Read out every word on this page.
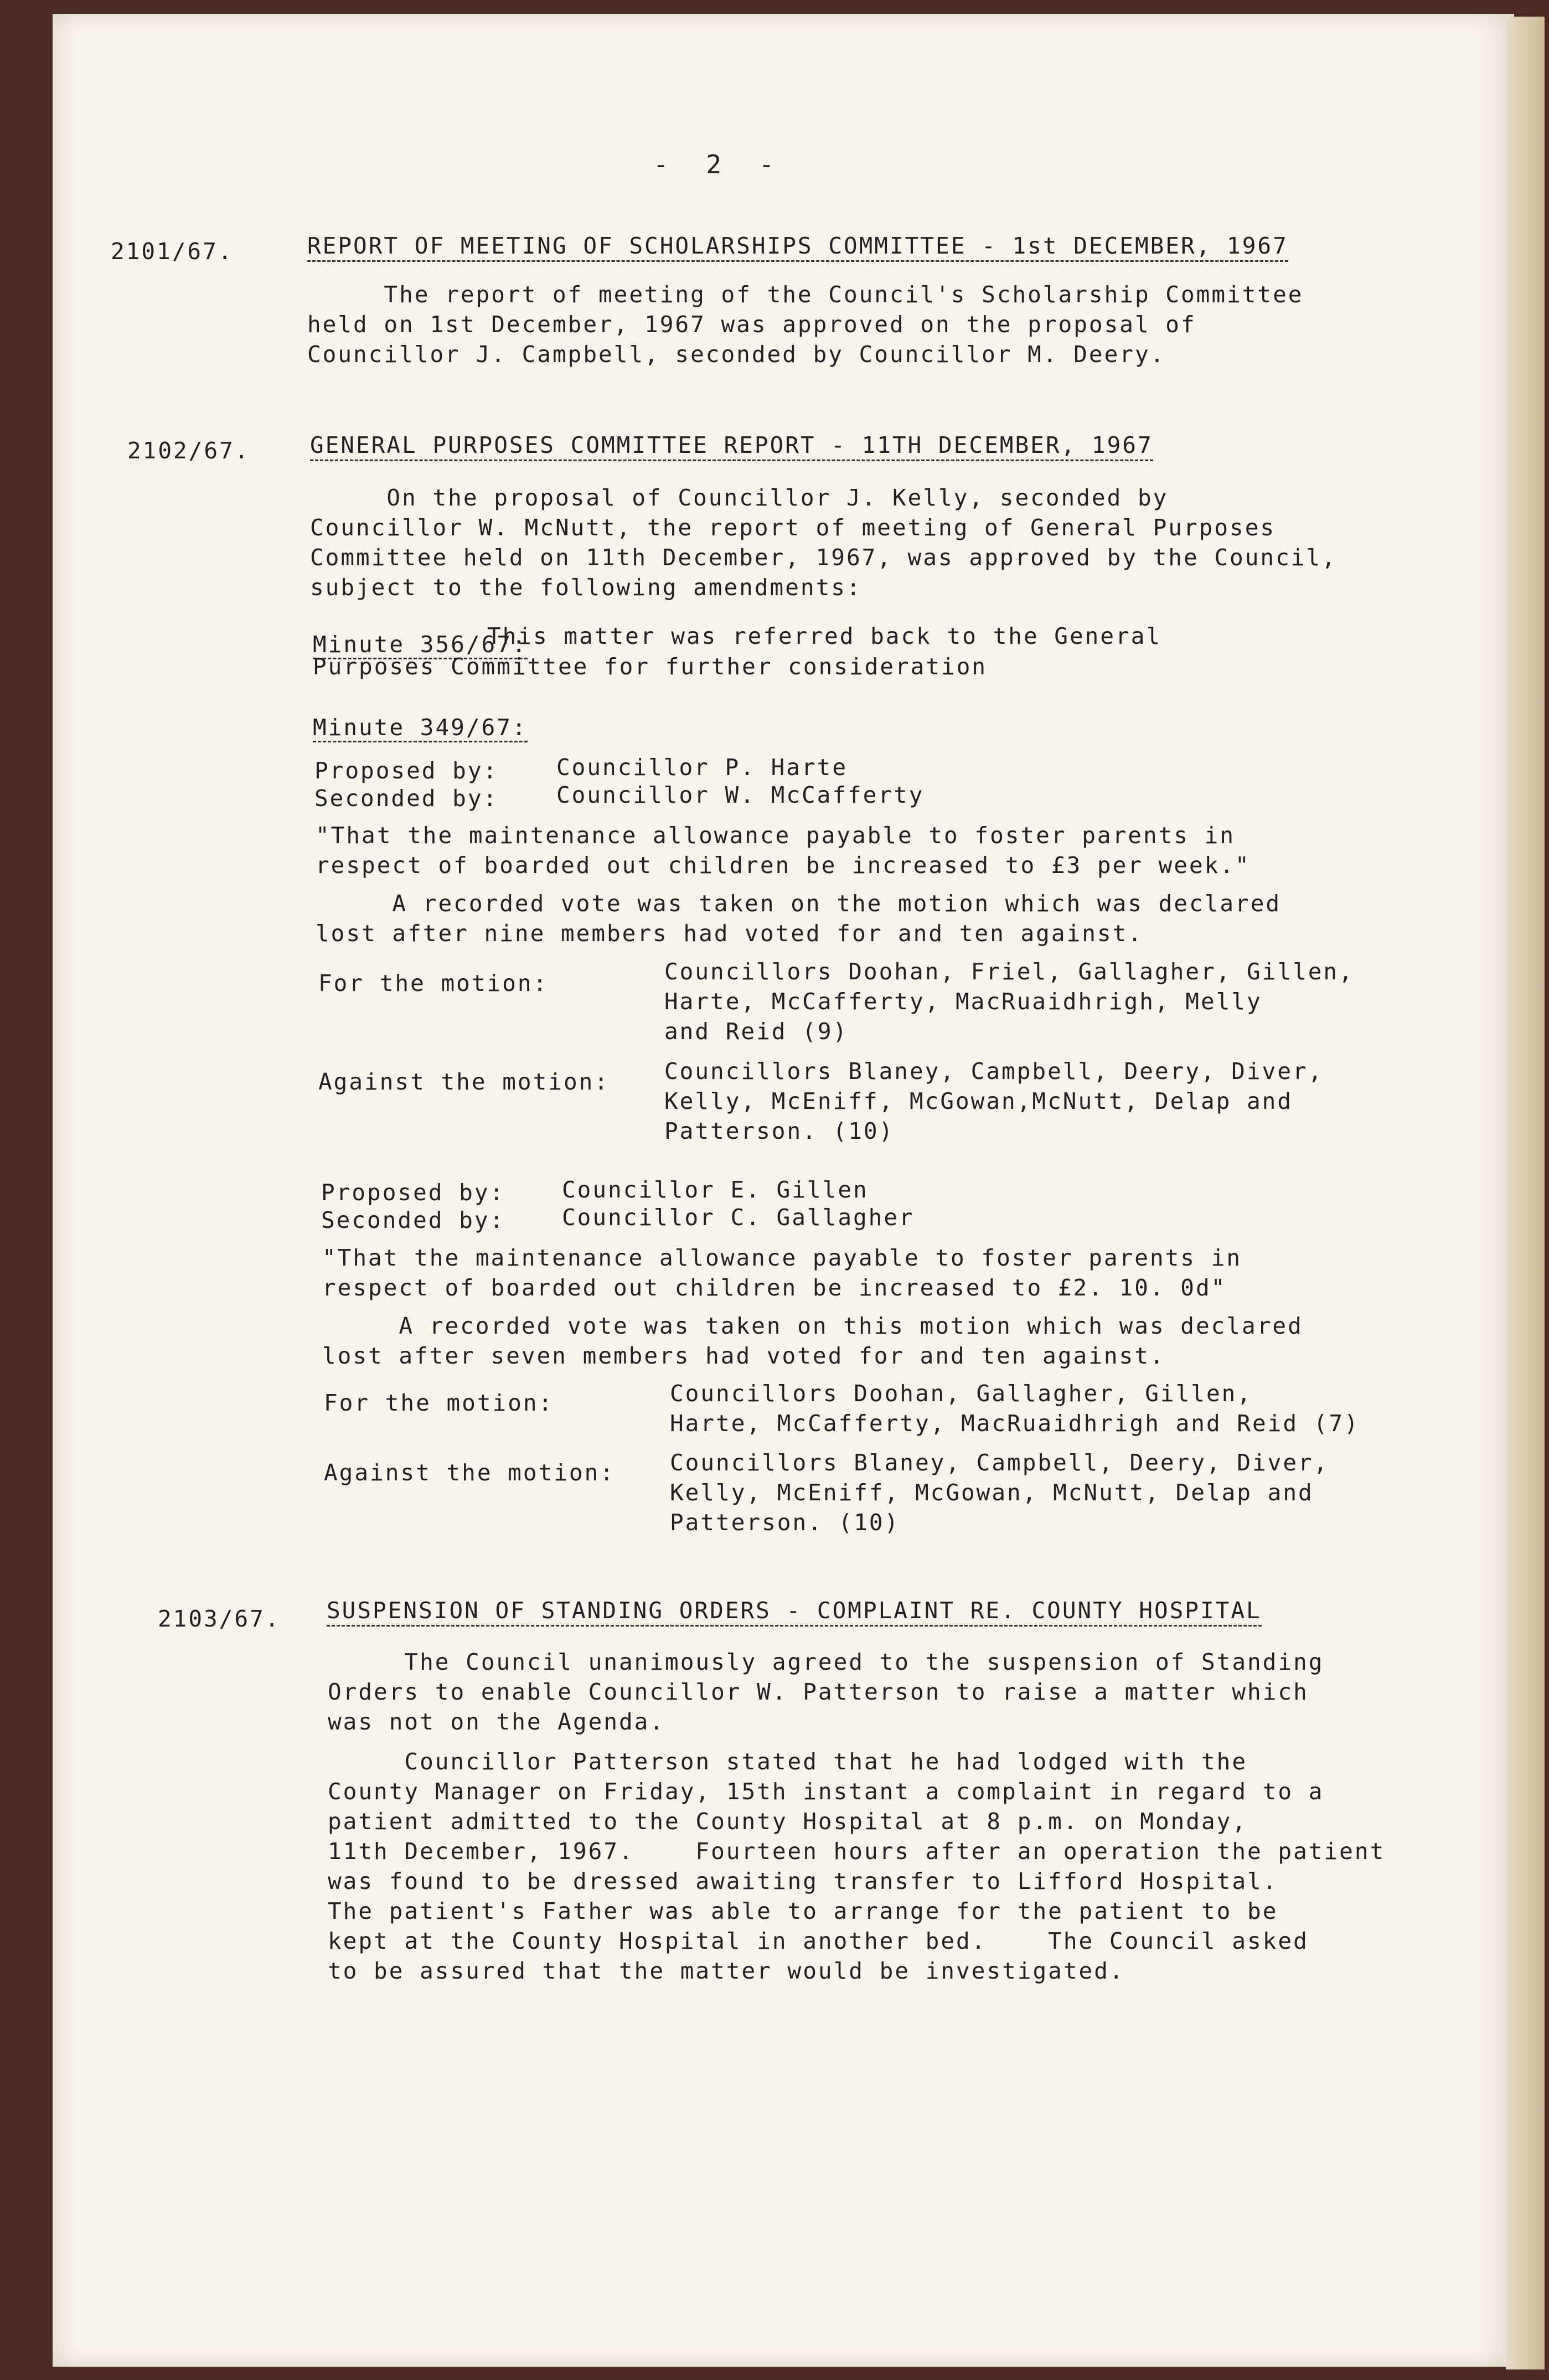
- 2 -
2101/67.	REPORT OF MEETING OF SCHOLARSHIPS COMMITTEE - 1st DECEMBER, 1967
The report of meeting of the Council's Scholarship Committee
held on 1st December, 1967 was approved on the proposal of
Councillor J. Campbell, seconded by Councillor M. Deery.
2102/67.	GENERAL PURPOSES COMMITTEE REPORT - 11TH DECEMBER, 1967
On the proposal of Councillor J. Kelly, seconded by
Councillor W. McNutt, the report of meeting of General Purposes
Committee held on 11th December, 1967, was approved by the Council,
subject to the following amendments:
Minute 356/67:
This matter was referred back to the General
Purposes Committee for further consideration
Minute 349/67:
Proposed by:	Councillor P. Harte
Seconded by:	Councillor W. McCafferty
"That the maintenance allowance payable to foster parents in
respect of boarded out children be increased to £3 per week."
A recorded vote was taken on the motion which was declared
lost after nine members had voted for and ten against.
For the motion:	Councillors Doohan, Friel, Gallagher, Gillen,
Harte, McCafferty, MacRuaidhrigh, Melly
and Reid (9)
Against the motion: Councillors Blaney, Campbell, Deery, Diver,
Kelly, McEniff, McGowan,McNutt, Delap and
Patterson. (10)
Proposed by:	Councillor E. Gillen
Seconded by:	Councillor C. Gallagher
"That the maintenance allowance payable to foster parents in
respect of boarded out children be increased to £2. 10. 0d"
A recorded vote was taken on this motion which was declared
lost after seven members had voted for and ten against.
For the motion:	Councillors Doohan, Gallagher, Gillen,
Harte, McCafferty, MacRuaidhrigh and Reid (7)
Against the motion: Councillors Blaney, Campbell, Deery, Diver,
Kelly, McEniff, McGowan, McNutt, Delap and
Patterson. (10)
2103/67. SUSPENSION OF STANDING ORDERS - COMPLAINT RE. COUNTY HOSPITAL
The Council unanimously agreed to the suspension of Standing
Orders to enable Councillor W. Patterson to raise a matter which
was not on the Agenda.
Councillor Patterson stated that he had lodged with the
County Manager on Friday, 15th instant a complaint in regard to a
patient admitted to the County Hospital at 8 p.m. on Monday,
11th December, 1967.    Fourteen hours after an operation the patient
was found to be dressed awaiting transfer to Lifford Hospital.
The patient's Father was able to arrange for the patient to be
kept at the County Hospital in another bed.    The Council asked
to be assured that the matter would be investigated.
